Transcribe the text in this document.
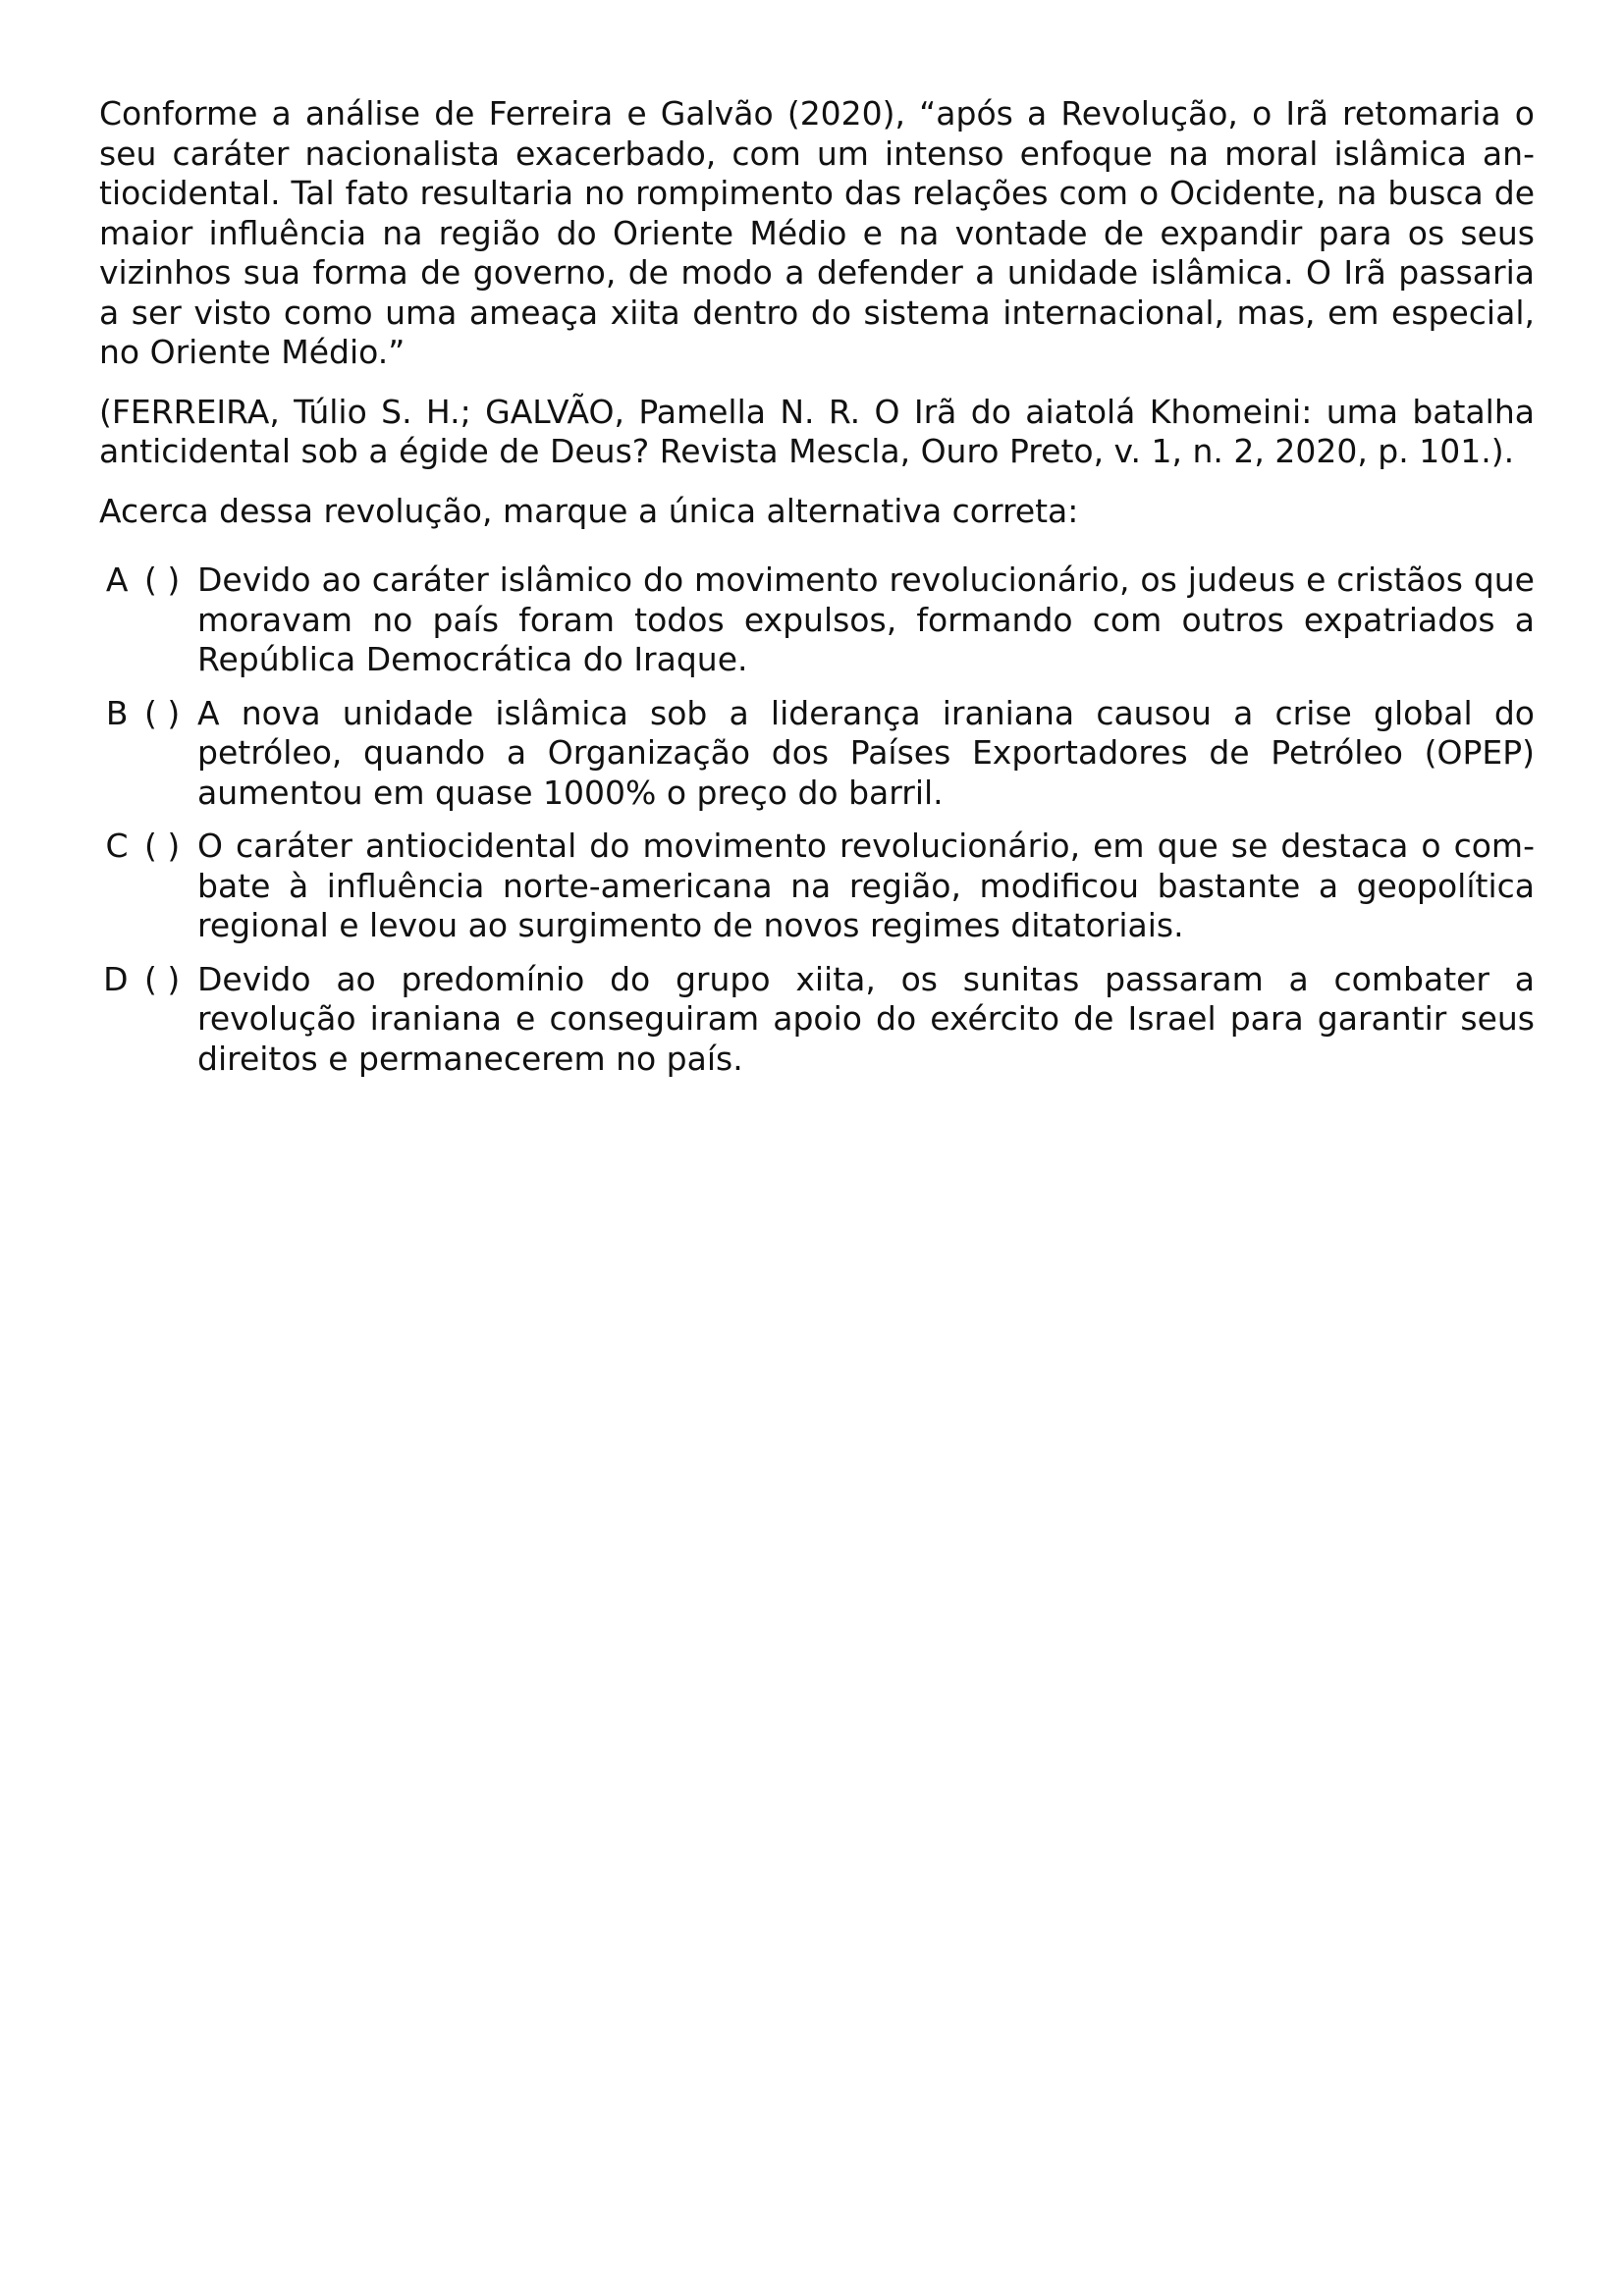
Conforme a análise de Ferreira e Galvão (2020), “após a Revolução, o Irã retomaria o seu caráter nacionalista exacerbado, com um intenso enfoque na moral islâmica antiocidental. Tal fato resultaria no rompimento das relações com o Ocidente, na busca de maior influência na região do Oriente Médio e na vontade de expandir para os seus vizinhos sua forma de governo, de modo a defender a unidade islâmica. O Irã passaria a ser visto como uma ameaça xiita dentro do sistema internacional, mas, em especial, no Oriente Médio.”

(FERREIRA, Túlio S. H.; GALVÃO, Pamella N. R. O Irã do aiatolá Khomeini: uma batalha anticidental sob a égide de Deus? Revista Mescla, Ouro Preto, v. 1, n. 2, 2020, p. 101.).

Acerca dessa revolução, marque a única alternativa correta:

A ( ) Devido ao caráter islâmico do movimento revolucionário, os judeus e cristãos que moravam no país foram todos expulsos, formando com outros expatriados a República Democrática do Iraque.
B ( ) A nova unidade islâmica sob a liderança iraniana causou a crise global do petróleo, quando a Organização dos Países Exportadores de Petróleo (OPEP) aumentou em quase 1000% o preço do barril.
C ( ) O caráter antiocidental do movimento revolucionário, em que se destaca o combate à influência norte-americana na região, modificou bastante a geopolítica regional e levou ao surgimento de novos regimes ditatoriais.
D ( ) Devido ao predomínio do grupo xiita, os sunitas passaram a combater a revolução iraniana e conseguiram apoio do exército de Israel para garantir seus direitos e permanecerem no país.
